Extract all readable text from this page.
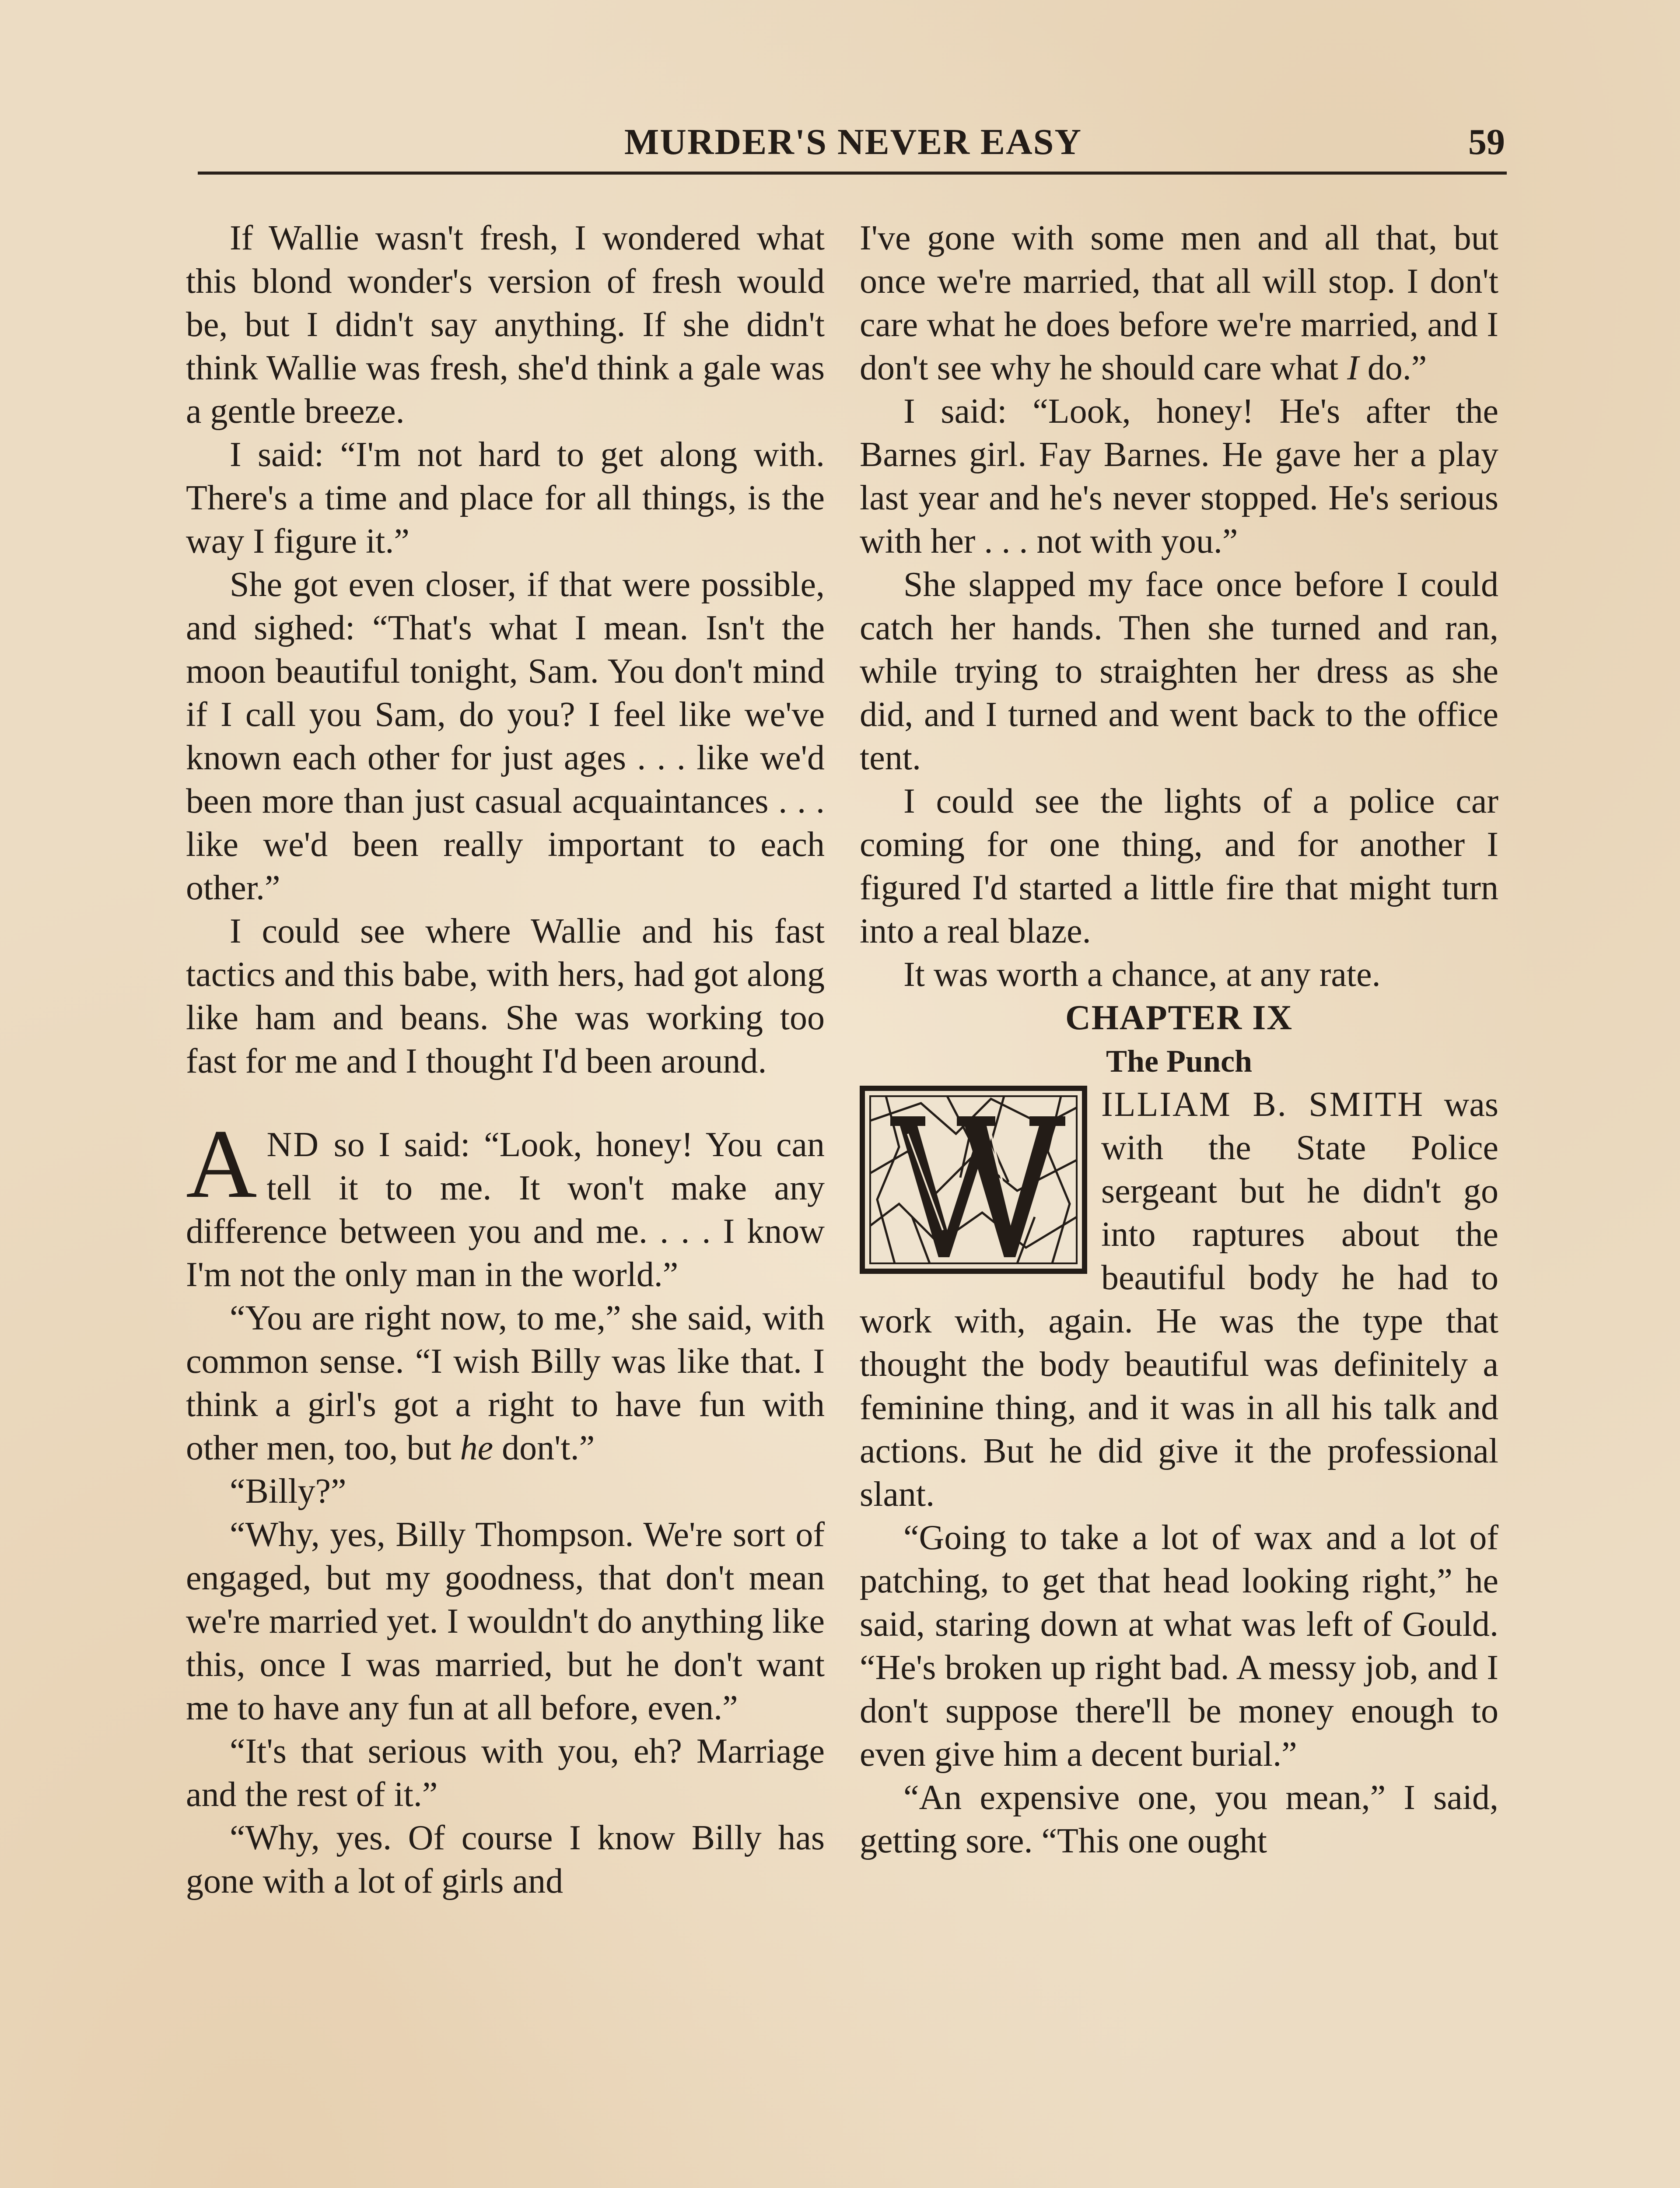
MURDER'S NEVER EASY	59

If Wallie wasn't fresh, I wondered what this blond wonder's version of fresh would be, but I didn't say anything. If she didn't think Wallie was fresh, she'd think a gale was a gentle breeze.

I said: “I'm not hard to get along with. There's a time and place for all things, is the way I figure it.”

She got even closer, if that were possible, and sighed: “That's what I mean. Isn't the moon beautiful tonight, Sam. You don't mind if I call you Sam, do you? I feel like we've known each other for just ages . . . like we'd been more than just casual acquaintances . . . like we'd been really important to each other.”

I could see where Wallie and his fast tactics and this babe, with hers, had got along like ham and beans. She was working too fast for me and I thought I'd been around.

AND so I said: “Look, honey! You can tell it to me. It won't make any difference between you and me. . . . I know I'm not the only man in the world.”

“You are right now, to me,” she said, with common sense. “I wish Billy was like that. I think a girl's got a right to have fun with other men, too, but he don't.”

“Billy?”

“Why, yes, Billy Thompson. We're sort of engaged, but my goodness, that don't mean we're married yet. I wouldn't do anything like this, once I was married, but he don't want me to have any fun at all before, even.”

“It's that serious with you, eh? Marriage and the rest of it.”

“Why, yes. Of course I know Billy has gone with a lot of girls and

I've gone with some men and all that, but once we're married, that all will stop. I don't care what he does before we're married, and I don't see why he should care what I do.”

I said: “Look, honey! He's after the Barnes girl. Fay Barnes. He gave her a play last year and he's never stopped. He's serious with her . . . not with you.”

She slapped my face once before I could catch her hands. Then she turned and ran, while trying to straighten her dress as she did, and I turned and went back to the office tent.

I could see the lights of a police car coming for one thing, and for another I figured I'd started a little fire that might turn into a real blaze.

It was worth a chance, at any rate.

CHAPTER IX

The Punch

ILLIAM B. SMITH was with the State Police sergeant but he didn't go into raptures about the beautiful body he had to work with, again. He was the type that thought the body beautiful was definitely a feminine thing, and it was in all his talk and actions. But he did give it the professional slant.

“Going to take a lot of wax and a lot of patching, to get that head looking right,” he said, staring down at what was left of Gould. “He's broken up right bad. A messy job, and I don't suppose there'll be money enough to even give him a decent burial.”

“An expensive one, you mean,” I said, getting sore. “This one ought
